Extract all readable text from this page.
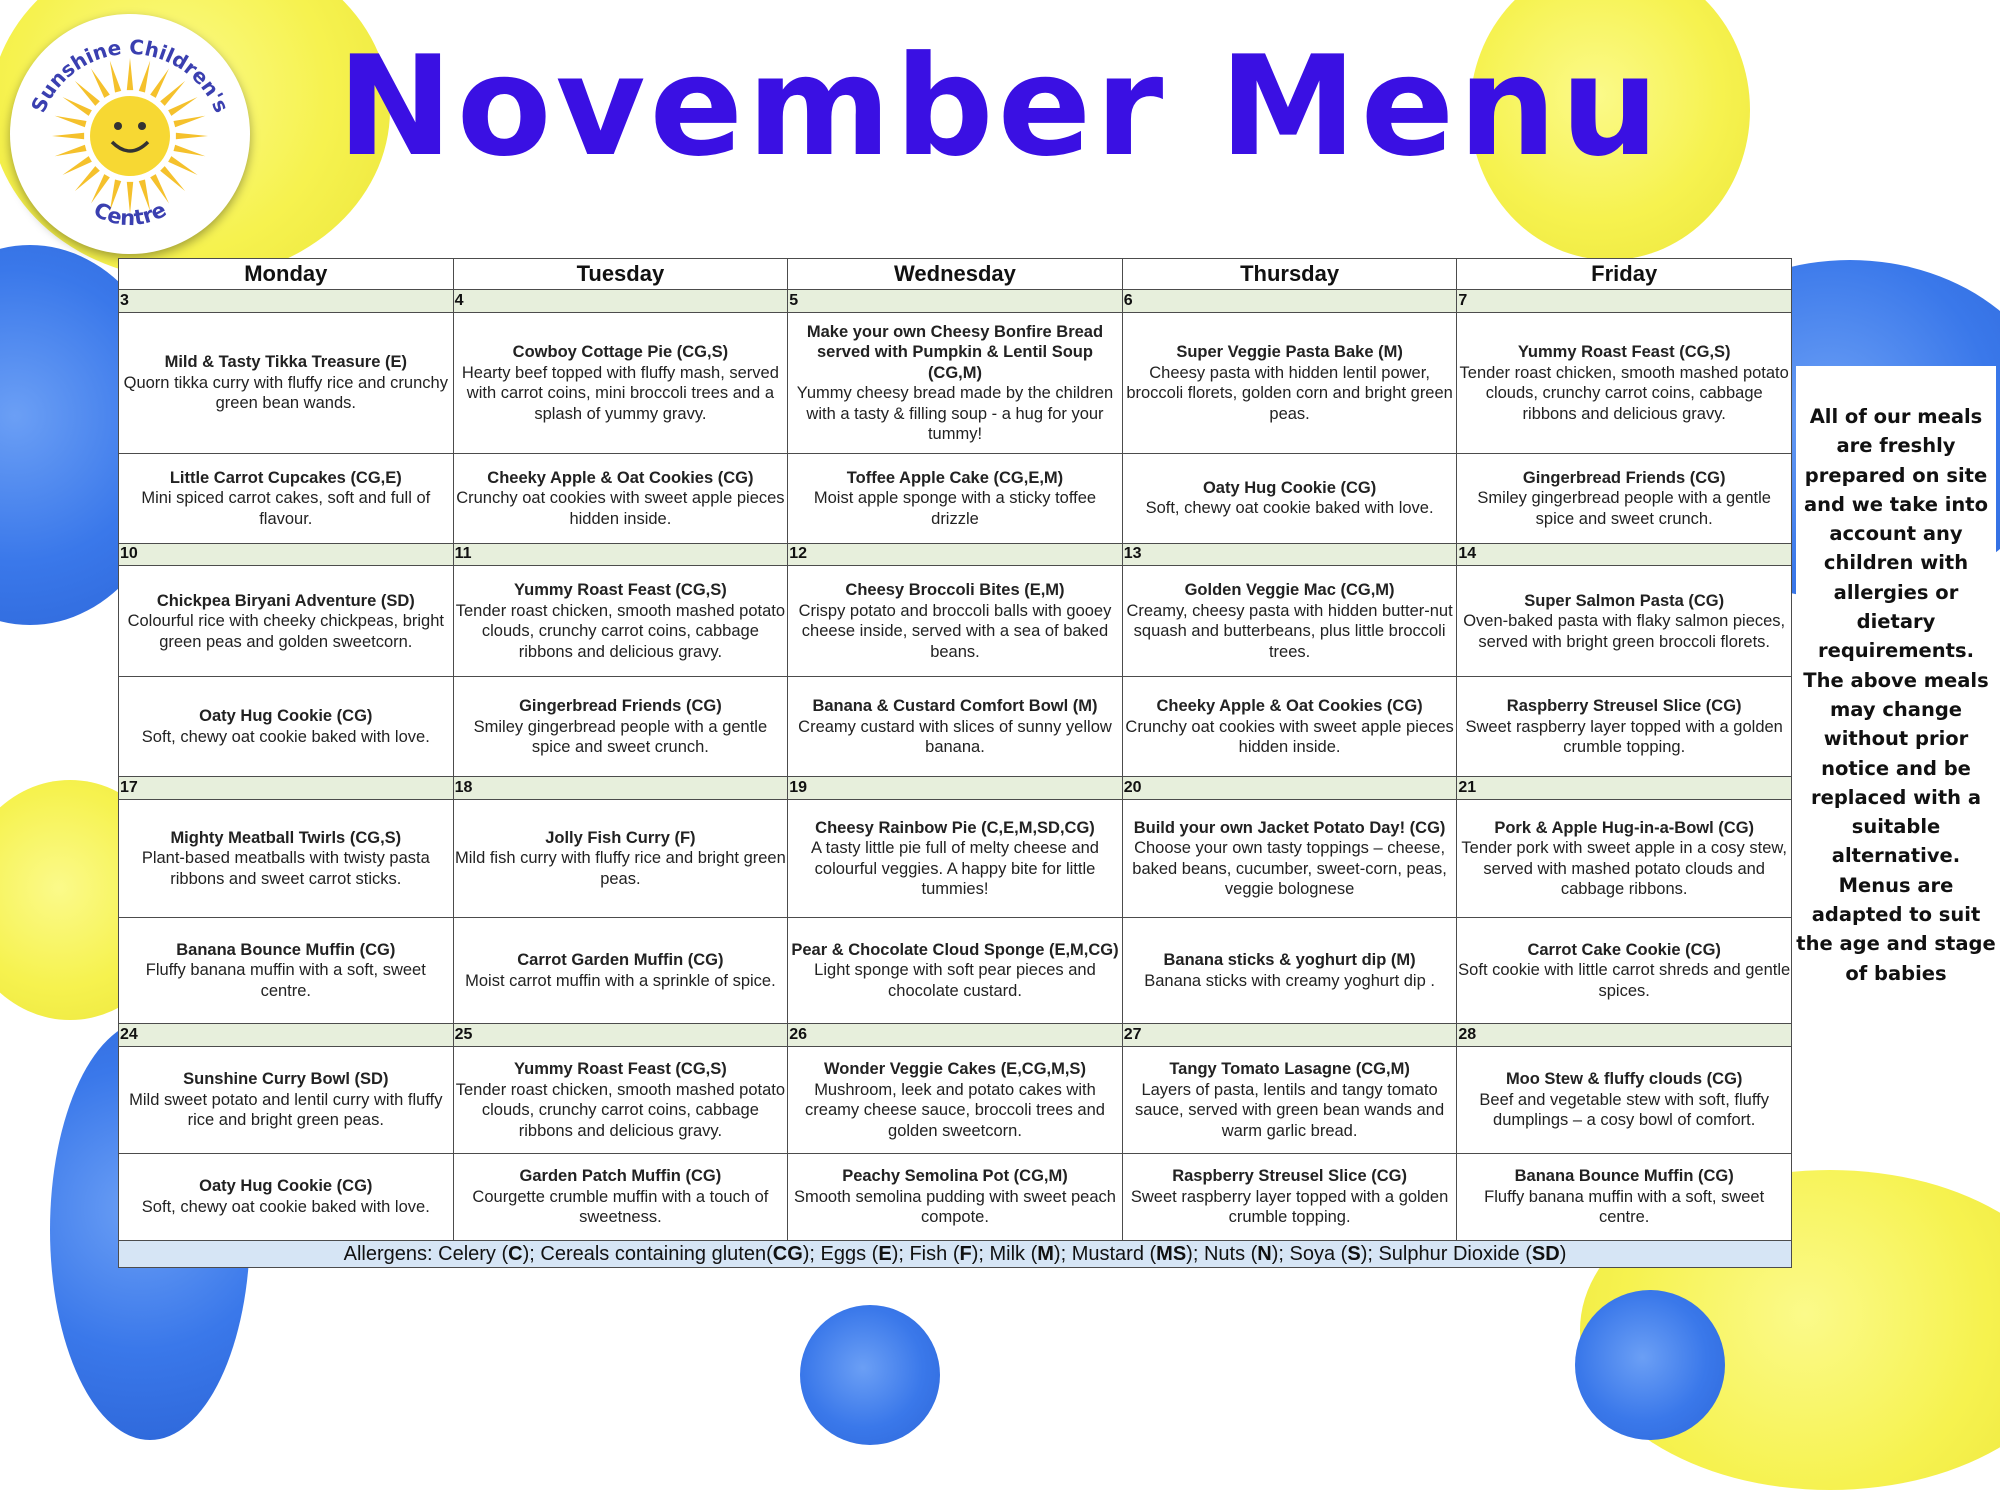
Sunshine Children's
Centre
November Menu
Monday	Tuesday	Wednesday	Thursday	Friday
3	4	5	6	7

Mild & Tasty Tikka Treasure (E)
Quorn tikka curry with fluffy rice and crunchy green bean wands.	Cowboy Cottage Pie (CG,S)
Hearty beef topped with fluffy mash, served with carrot coins, mini broccoli trees and a splash of yummy gravy.	Make your own Cheesy Bonfire Bread served with Pumpkin & Lentil Soup (CG,M)
Yummy cheesy bread made by the children with a tasty & filling soup - a hug for your tummy!	Super Veggie Pasta Bake (M)
Cheesy pasta with hidden lentil power, broccoli florets, golden corn and bright green peas.	Yummy Roast Feast (CG,S)
Tender roast chicken, smooth mashed potato clouds, crunchy carrot coins, cabbage ribbons and delicious gravy.

Little Carrot Cupcakes (CG,E)
Mini spiced carrot cakes, soft and full of flavour.	Cheeky Apple & Oat Cookies (CG)
Crunchy oat cookies with sweet apple pieces hidden inside.	Toffee Apple Cake (CG,E,M)
Moist apple sponge with a sticky toffee drizzle	Oaty Hug Cookie (CG)
Soft, chewy oat cookie baked with love.	Gingerbread Friends (CG)
Smiley gingerbread people with a gentle spice and sweet crunch.

10	11	12	13	14

Chickpea Biryani Adventure (SD)
Colourful rice with cheeky chickpeas, bright green peas and golden sweetcorn.	Yummy Roast Feast (CG,S)
Tender roast chicken, smooth mashed potato clouds, crunchy carrot coins, cabbage ribbons and delicious gravy.	Cheesy Broccoli Bites (E,M)
Crispy potato and broccoli balls with gooey cheese inside, served with a sea of baked beans.	Golden Veggie Mac (CG,M)
Creamy, cheesy pasta with hidden butter-nut squash and butterbeans, plus little broccoli trees.	Super Salmon Pasta (CG)
Oven-baked pasta with flaky salmon pieces, served with bright green broccoli florets.

Oaty Hug Cookie (CG)
Soft, chewy oat cookie baked with love.	Gingerbread Friends (CG)
Smiley gingerbread people with a gentle spice and sweet crunch.	Banana & Custard Comfort Bowl (M)
Creamy custard with slices of sunny yellow banana.	Cheeky Apple & Oat Cookies (CG)
Crunchy oat cookies with sweet apple pieces hidden inside.	Raspberry Streusel Slice (CG)
Sweet raspberry layer topped with a golden crumble topping.

17	18	19	20	21

Mighty Meatball Twirls (CG,S)
Plant-based meatballs with twisty pasta ribbons and sweet carrot sticks.	Jolly Fish Curry (F)
Mild fish curry with fluffy rice and bright green peas.	Cheesy Rainbow Pie (C,E,M,SD,CG)
A tasty little pie full of melty cheese and colourful veggies. A happy bite for little tummies!	Build your own Jacket Potato Day! (CG)
Choose your own tasty toppings – cheese, baked beans, cucumber, sweet-corn, peas, veggie bolognese	Pork & Apple Hug-in-a-Bowl (CG)
Tender pork with sweet apple in a cosy stew, served with mashed potato clouds and cabbage ribbons.

Banana Bounce Muffin (CG)
Fluffy banana muffin with a soft, sweet centre.	Carrot Garden Muffin (CG)
Moist carrot muffin with a sprinkle of spice.	Pear & Chocolate Cloud Sponge (E,M,CG)
Light sponge with soft pear pieces and chocolate custard.	Banana sticks & yoghurt dip (M)
Banana sticks with creamy yoghurt dip .	Carrot Cake Cookie (CG)
Soft cookie with little carrot shreds and gentle spices.

24	25	26	27	28

Sunshine Curry Bowl (SD)
Mild sweet potato and lentil curry with fluffy rice and bright green peas.	Yummy Roast Feast (CG,S)
Tender roast chicken, smooth mashed potato clouds, crunchy carrot coins, cabbage ribbons and delicious gravy.	Wonder Veggie Cakes (E,CG,M,S)
Mushroom, leek and potato cakes with creamy cheese sauce, broccoli trees and golden sweetcorn.	Tangy Tomato Lasagne (CG,M)
Layers of pasta, lentils and tangy tomato sauce, served with green bean wands and warm garlic bread.	Moo Stew & fluffy clouds (CG)
Beef and vegetable stew with soft, fluffy dumplings – a cosy bowl of comfort.

Oaty Hug Cookie (CG)
Soft, chewy oat cookie baked with love.	Garden Patch Muffin (CG)
Courgette crumble muffin with a touch of sweetness.	Peachy Semolina Pot (CG,M)
Smooth semolina pudding with sweet peach compote.	Raspberry Streusel Slice (CG)
Sweet raspberry layer topped with a golden crumble topping.	Banana Bounce Muffin (CG)
Fluffy banana muffin with a soft, sweet centre.

Allergens: Celery (C); Cereals containing gluten(CG); Eggs (E); Fish (F); Milk (M); Mustard (MS); Nuts (N); Soya (S); Sulphur Dioxide (SD)				
All of our meals are freshly prepared on site and we take into account any children with allergies or dietary requirements. The above meals may change without prior notice and be replaced with a suitable alternative. Menus are adapted to suit the age and stage of babies
